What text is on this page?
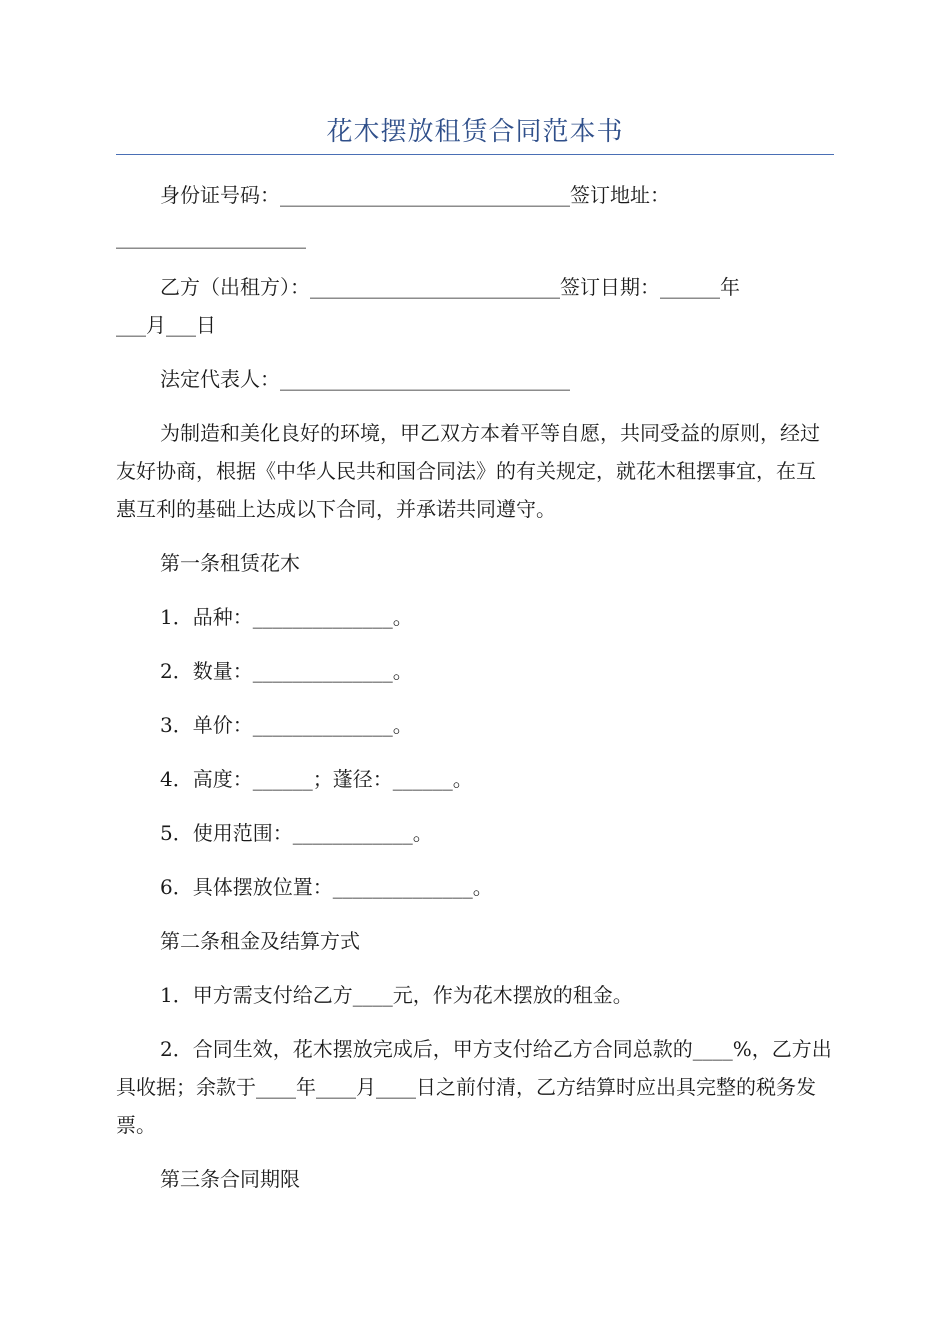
花木摆放租赁合同范本书
身份证号码：_____________________________签订地址：
___________________
乙方（出租方）：_________________________签订日期：______年
___月___日
法定代表人：_____________________________
为制造和美化良好的环境，甲乙双方本着平等自愿，共同受益的原则，经过友好协商，根据《中华人民共和国合同法》的有关规定，就花木租摆事宜，在互惠互利的基础上达成以下合同，并承诺共同遵守。
第一条租赁花木
1．品种：______________。
2．数量：______________。
3．单价：______________。
4．高度：______；蓬径：______。
5．使用范围：____________。
6．具体摆放位置：______________。
第二条租金及结算方式
1．甲方需支付给乙方____元，作为花木摆放的租金。
2．合同生效，花木摆放完成后，甲方支付给乙方合同总款的____%，乙方出具收据；余款于____年____月____日之前付清，乙方结算时应出具完整的税务发票。
第三条合同期限
